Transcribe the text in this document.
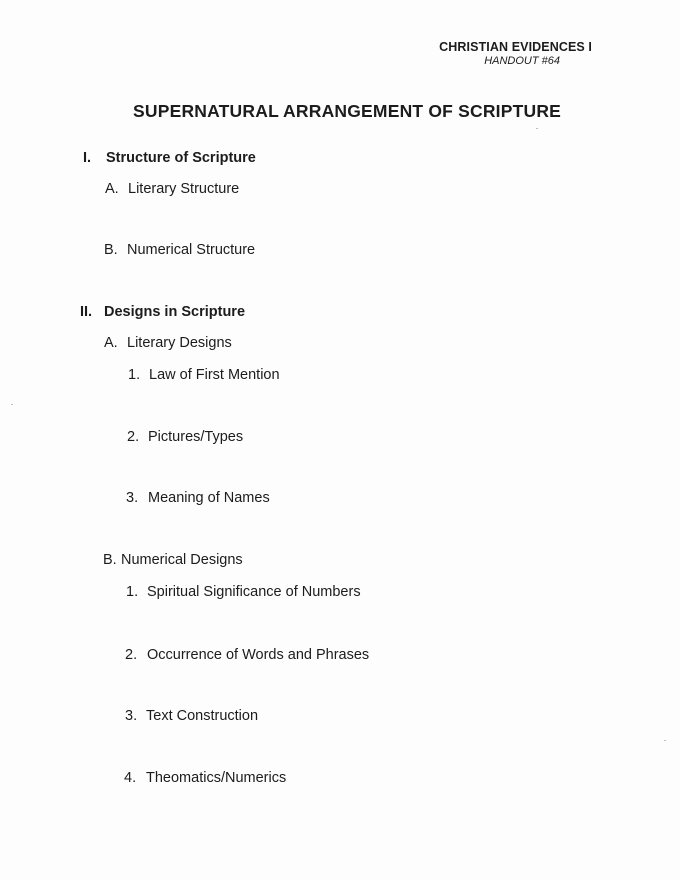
CHRISTIAN EVIDENCES I
HANDOUT #64
SUPERNATURAL ARRANGEMENT OF SCRIPTURE
I. Structure of Scripture
A. Literary Structure
B. Numerical Structure
II. Designs in Scripture
A. Literary Designs
1. Law of First Mention
2. Pictures/Types
3. Meaning of Names
B. Numerical Designs
1. Spiritual Significance of Numbers
2. Occurrence of Words and Phrases
3. Text Construction
4. Theomatics/Numerics
